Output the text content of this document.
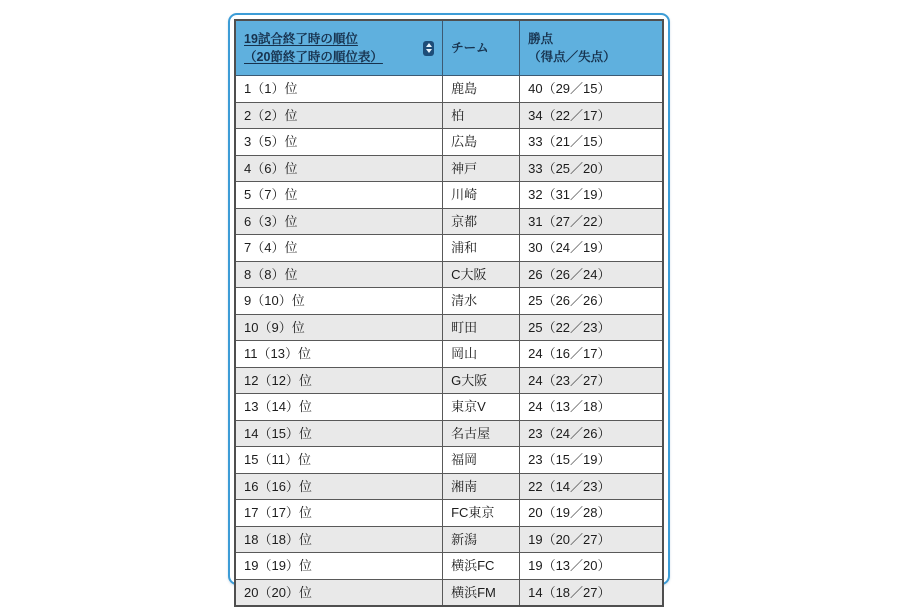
19試合終了時の順位
（20節終了時の順位表）	チーム	勝点
（得点／失点）
1（1）位	鹿島	40（29／15）
2（2）位	柏	34（22／17）
3（5）位	広島	33（21／15）
4（6）位	神戸	33（25／20）
5（7）位	川崎	32（31／19）
6（3）位	京都	31（27／22）
7（4）位	浦和	30（24／19）
8（8）位	C大阪	26（26／24）
9（10）位	清水	25（26／26）
10（9）位	町田	25（22／23）
11（13）位	岡山	24（16／17）
12（12）位	G大阪	24（23／27）
13（14）位	東京V	24（13／18）
14（15）位	名古屋	23（24／26）
15（11）位	福岡	23（15／19）
16（16）位	湘南	22（14／23）
17（17）位	FC東京	20（19／28）
18（18）位	新潟	19（20／27）
19（19）位	横浜FC	19（13／20）
20（20）位	横浜FM	14（18／27）
